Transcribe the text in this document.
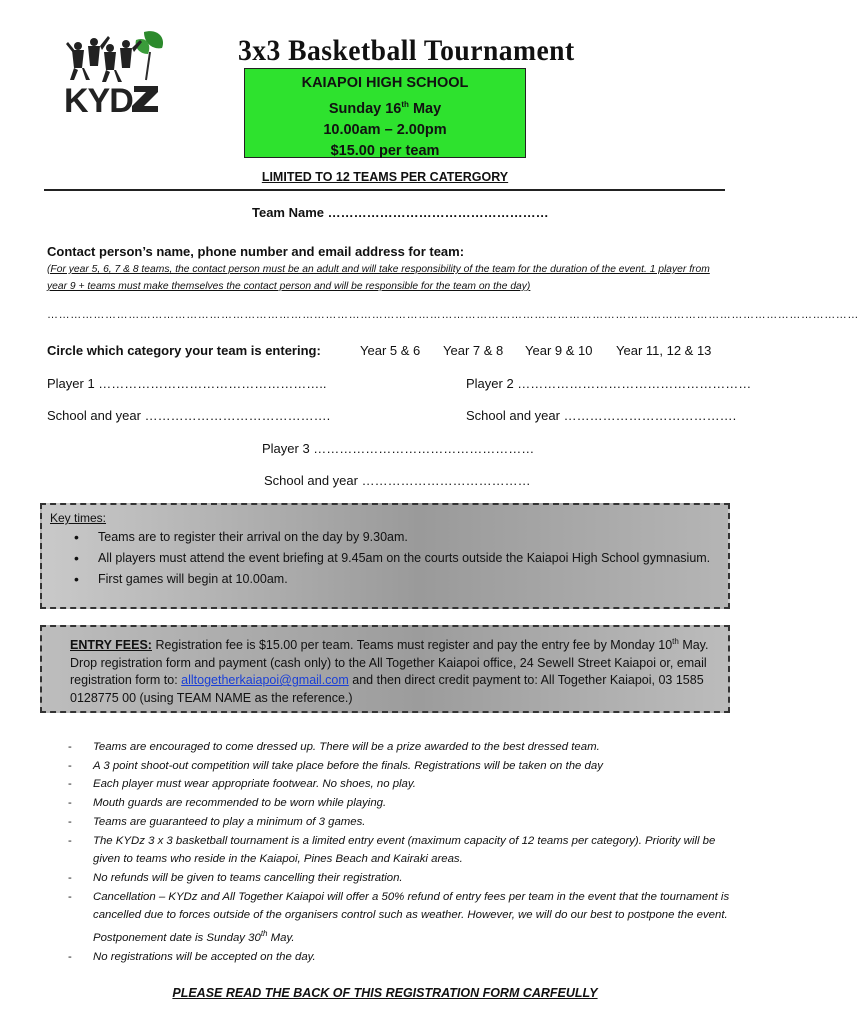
KYD
3x3 Basketball Tournament
KAIAPOI HIGH SCHOOL
Sunday 16th May
10.00am – 2.00pm
$15.00 per team
LIMITED TO 12 TEAMS PER CATERGORY
Team Name ……………………………………………
Contact person’s name, phone number and email address for team:
(For year 5, 6, 7 & 8 teams, the contact person must be an adult and will take responsibility of the team for the duration of the event. 1 player from year 9 + teams must make themselves the contact person and will be responsible for the team on the day)
…………………………………………………………………………………………………………………………………………………………………………………………
Circle which category your team is entering:	Year 5 & 6 Year 7 & 8 Year 9 & 10 Year 11, 12 & 13
Player 1 ……………………………………………..	Player 2 ………………………………………………
School and year …………………………………….	School and year ………………………………….
Player 3 ……………………………………………
School and year …………………………………
Key times:
• Teams are to register their arrival on the day by 9.30am.
• All players must attend the event briefing at 9.45am on the courts outside the Kaiapoi High School gymnasium.
• First games will begin at 10.00am.
ENTRY FEES: Registration fee is $15.00 per team. Teams must register and pay the entry fee by Monday 10th May. Drop registration form and payment (cash only) to the All Together Kaiapoi office, 24 Sewell Street Kaiapoi or, email registration form to: alltogetherkaiapoi@gmail.com and then direct credit payment to: All Together Kaiapoi, 03 1585 0128775 00 (using TEAM NAME as the reference.)
- Teams are encouraged to come dressed up. There will be a prize awarded to the best dressed team.
- A 3 point shoot-out competition will take place before the finals. Registrations will be taken on the day
- Each player must wear appropriate footwear. No shoes, no play.
- Mouth guards are recommended to be worn while playing.
- Teams are guaranteed to play a minimum of 3 games.
- The KYDz 3 x 3 basketball tournament is a limited entry event (maximum capacity of 12 teams per category). Priority will be given to teams who reside in the Kaiapoi, Pines Beach and Kairaki areas.
- No refunds will be given to teams cancelling their registration.
- Cancellation – KYDz and All Together Kaiapoi will offer a 50% refund of entry fees per team in the event that the tournament is cancelled due to forces outside of the organisers control such as weather. However, we will do our best to postpone the event. Postponement date is Sunday 30th May.
- No registrations will be accepted on the day.
PLEASE READ THE BACK OF THIS REGISTRATION FORM CARFEULLY
